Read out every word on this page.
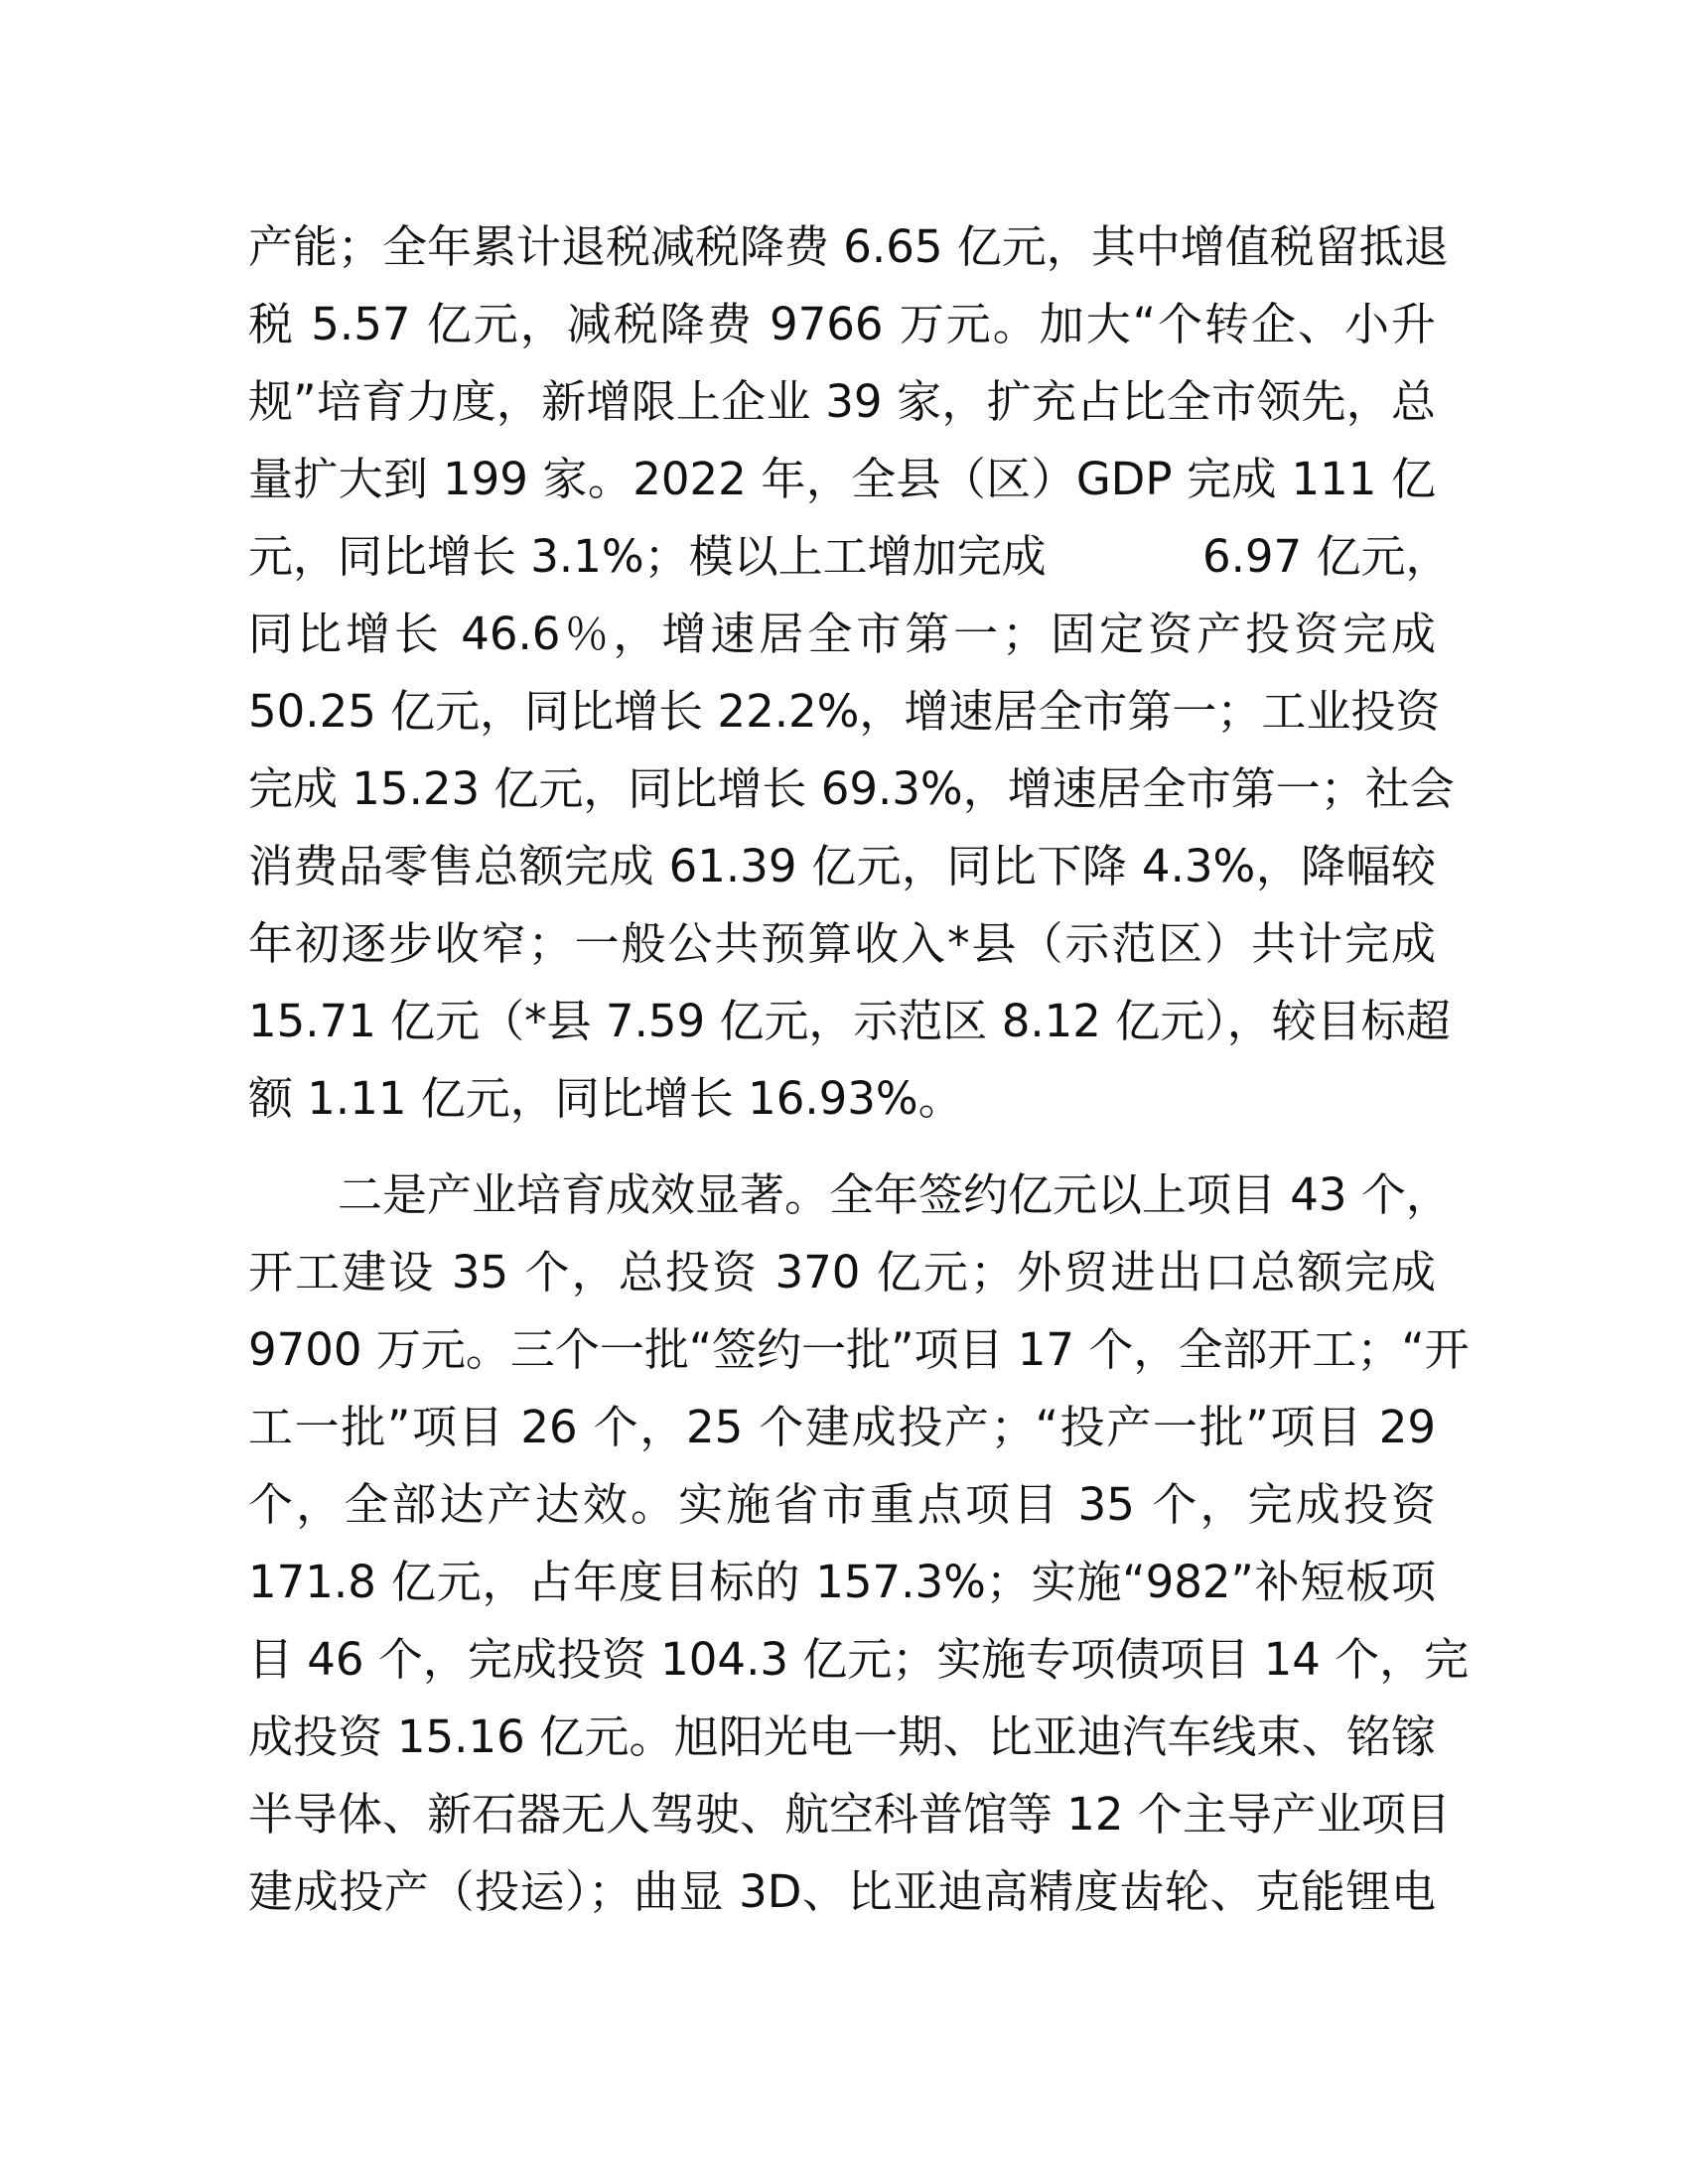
产能；全年累计退税减税降费 6.65 亿元，其中增值税留抵退
税 5.57 亿元，减税降费 9766 万元。加大“个转企、小升
规”培育力度，新增限上企业 39 家，扩充占比全市领先，总
量扩大到 199 家。2022 年，全县（区）GDP 完成 111 亿
元，同比增长 3.1%；模以上工增加完成           6.97 亿元，
同比增长 46.6％，增速居全市第一；固定资产投资完成
50.25 亿元，同比增长 22.2%，增速居全市第一；工业投资
完成 15.23 亿元，同比增长 69.3%，增速居全市第一；社会
消费品零售总额完成 61.39 亿元，同比下降 4.3%，降幅较
年初逐步收窄；一般公共预算收入*县（示范区）共计完成
15.71 亿元（*县 7.59 亿元，示范区 8.12 亿元），较目标超
额 1.11 亿元，同比增长 16.93%。
二是产业培育成效显著。全年签约亿元以上项目 43 个，
开工建设 35 个，总投资 370 亿元；外贸进出口总额完成
9700 万元。三个一批“签约一批”项目 17 个，全部开工；“开
工一批”项目 26 个，25 个建成投产；“投产一批”项目 29
个，全部达产达效。实施省市重点项目 35 个，完成投资
171.8 亿元，占年度目标的 157.3%；实施“982”补短板项
目 46 个，完成投资 104.3 亿元；实施专项债项目 14 个，完
成投资 15.16 亿元。旭阳光电一期、比亚迪汽车线束、铭镓
半导体、新石器无人驾驶、航空科普馆等 12 个主导产业项目
建成投产（投运）；曲显 3D、比亚迪高精度齿轮、克能锂电
